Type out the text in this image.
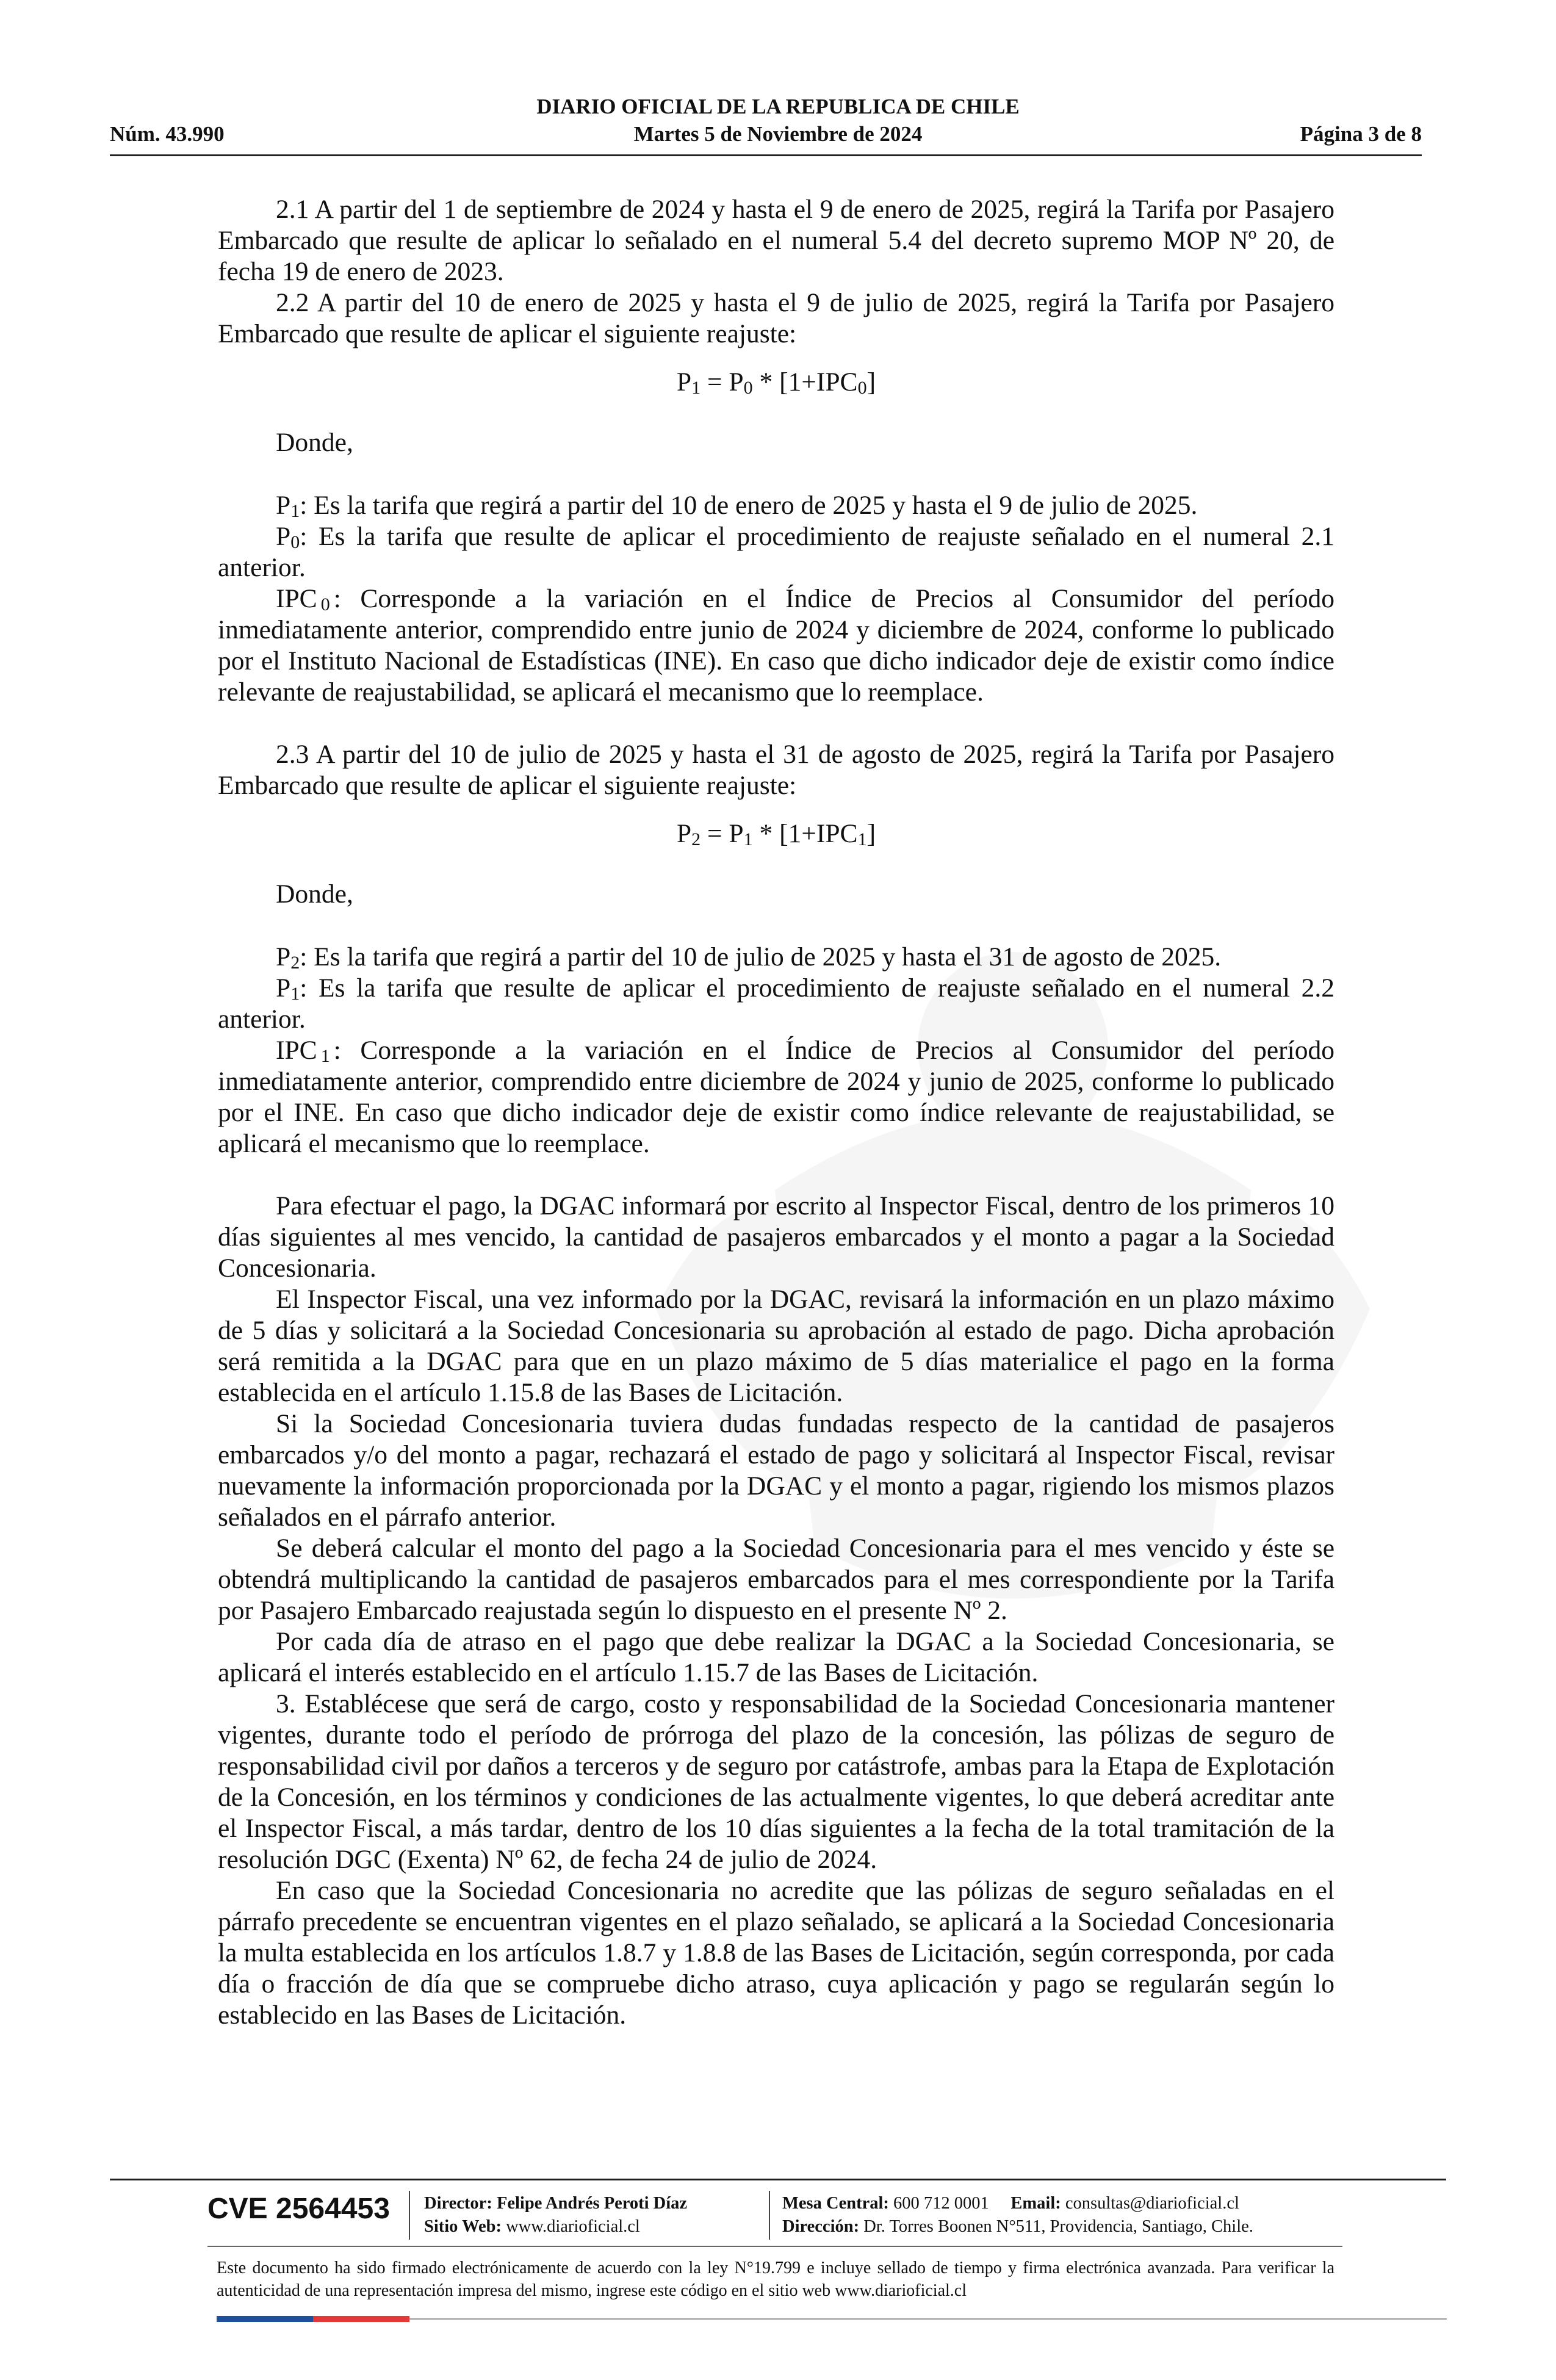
DIARIO OFICIAL DE LA REPUBLICA DE CHILE
Núm. 43.990	Martes 5 de Noviembre de 2024	Página 3 de 8

2.1 A partir del 1 de septiembre de 2024 y hasta el 9 de enero de 2025, regirá la Tarifa por Pasajero Embarcado que resulte de aplicar lo señalado en el numeral 5.4 del decreto supremo MOP Nº 20, de fecha 19 de enero de 2023.

2.2 A partir del 10 de enero de 2025 y hasta el 9 de julio de 2025, regirá la Tarifa por Pasajero Embarcado que resulte de aplicar el siguiente reajuste:

$P_1 = P_0 * [1+IPC_0]$

Donde,

$P_1$: Es la tarifa que regirá a partir del 10 de enero de 2025 y hasta el 9 de julio de 2025.

$P_0$: Es la tarifa que resulte de aplicar el procedimiento de reajuste señalado en el numeral 2.1 anterior.

IPC $_0$ : Corresponde a la variación en el Índice de Precios al Consumidor del período inmediatamente anterior, comprendido entre junio de 2024 y diciembre de 2024, conforme lo publicado por el Instituto Nacional de Estadísticas (INE). En caso que dicho indicador deje de existir como índice relevante de reajustabilidad, se aplicará el mecanismo que lo reemplace.

2.3 A partir del 10 de julio de 2025 y hasta el 31 de agosto de 2025, regirá la Tarifa por Pasajero Embarcado que resulte de aplicar el siguiente reajuste:

$P_2 = P_1 * [1+IPC_1]$

Donde,

$P_2$: Es la tarifa que regirá a partir del 10 de julio de 2025 y hasta el 31 de agosto de 2025.

$P_1$: Es la tarifa que resulte de aplicar el procedimiento de reajuste señalado en el numeral 2.2 anterior.

IPC $_1$ : Corresponde a la variación en el Índice de Precios al Consumidor del período inmediatamente anterior, comprendido entre diciembre de 2024 y junio de 2025, conforme lo publicado por el INE. En caso que dicho indicador deje de existir como índice relevante de reajustabilidad, se aplicará el mecanismo que lo reemplace.

Para efectuar el pago, la DGAC informará por escrito al Inspector Fiscal, dentro de los primeros 10 días siguientes al mes vencido, la cantidad de pasajeros embarcados y el monto a pagar a la Sociedad Concesionaria.

El Inspector Fiscal, una vez informado por la DGAC, revisará la información en un plazo máximo de 5 días y solicitará a la Sociedad Concesionaria su aprobación al estado de pago. Dicha aprobación será remitida a la DGAC para que en un plazo máximo de 5 días materialice el pago en la forma establecida en el artículo 1.15.8 de las Bases de Licitación.

Si la Sociedad Concesionaria tuviera dudas fundadas respecto de la cantidad de pasajeros embarcados y/o del monto a pagar, rechazará el estado de pago y solicitará al Inspector Fiscal, revisar nuevamente la información proporcionada por la DGAC y el monto a pagar, rigiendo los mismos plazos señalados en el párrafo anterior.

Se deberá calcular el monto del pago a la Sociedad Concesionaria para el mes vencido y éste se obtendrá multiplicando la cantidad de pasajeros embarcados para el mes correspondiente por la Tarifa por Pasajero Embarcado reajustada según lo dispuesto en el presente Nº 2.

Por cada día de atraso en el pago que debe realizar la DGAC a la Sociedad Concesionaria, se aplicará el interés establecido en el artículo 1.15.7 de las Bases de Licitación.

3. Establécese que será de cargo, costo y responsabilidad de la Sociedad Concesionaria mantener vigentes, durante todo el período de prórroga del plazo de la concesión, las pólizas de seguro de responsabilidad civil por daños a terceros y de seguro por catástrofe, ambas para la Etapa de Explotación de la Concesión, en los términos y condiciones de las actualmente vigentes, lo que deberá acreditar ante el Inspector Fiscal, a más tardar, dentro de los 10 días siguientes a la fecha de la total tramitación de la resolución DGC (Exenta) Nº 62, de fecha 24 de julio de 2024.

En caso que la Sociedad Concesionaria no acredite que las pólizas de seguro señaladas en el párrafo precedente se encuentran vigentes en el plazo señalado, se aplicará a la Sociedad Concesionaria la multa establecida en los artículos 1.8.7 y 1.8.8 de las Bases de Licitación, según corresponda, por cada día o fracción de día que se compruebe dicho atraso, cuya aplicación y pago se regularán según lo establecido en las Bases de Licitación.

CVE 2564453 Director: Felipe Andrés Peroti Díaz
Sitio Web: www.diarioficial.cl
Mesa Central: 600 712 0001 Email: consultas@diarioficial.cl
Dirección: Dr. Torres Boonen N°511, Providencia, Santiago, Chile.
Este documento ha sido firmado electrónicamente de acuerdo con la ley N°19.799 e incluye sellado de tiempo y firma electrónica avanzada. Para verificar la autenticidad de una representación impresa del mismo, ingrese este código en el sitio web www.diarioficial.cl
